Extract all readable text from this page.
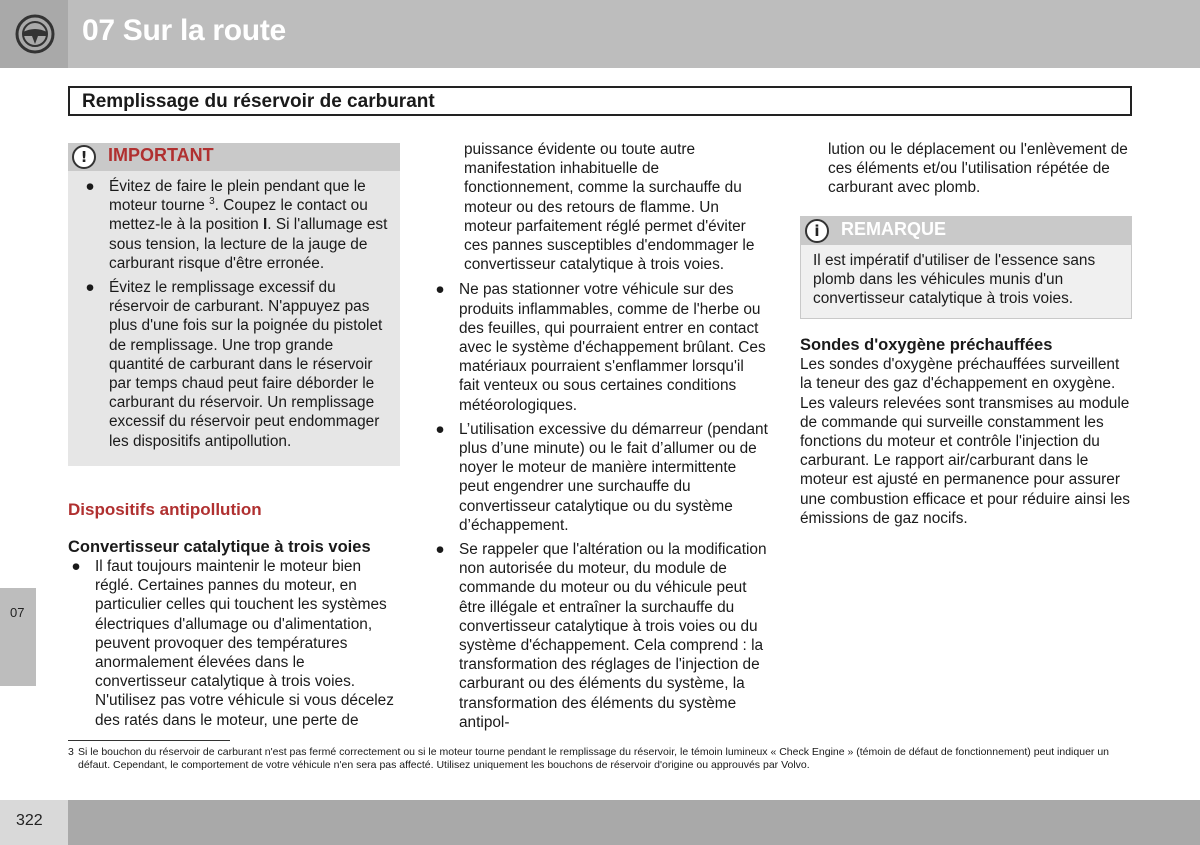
07 Sur la route
Remplissage du réservoir de carburant
!	IMPORTANT
● Évitez de faire le plein pendant que le moteur tourne $^3$. Coupez le contact ou mettez-le à la position I. Si l'allumage est sous tension, la lecture de la jauge de carburant risque d'être erronée.
● Évitez le remplissage excessif du réservoir de carburant. N'appuyez pas plus d'une fois sur la poignée du pistolet de remplissage. Une trop grande quantité de carburant dans le réservoir par temps chaud peut faire déborder le carburant du réservoir. Un remplissage excessif du réservoir peut endommager les dispositifs antipollution.
Dispositifs antipollution
Convertisseur catalytique à trois voies
● Il faut toujours maintenir le moteur bien réglé. Certaines pannes du moteur, en particulier celles qui touchent les systèmes électriques d'allumage ou d'alimentation, peuvent provoquer des températures anormalement élevées dans le convertisseur catalytique à trois voies. N'utilisez pas votre véhicule si vous décelez des ratés dans le moteur, une perte de
puissance évidente ou toute autre manifestation inhabituelle de fonctionnement, comme la surchauffe du moteur ou des retours de flamme. Un moteur parfaitement réglé permet d'éviter ces pannes susceptibles d'endommager le convertisseur catalytique à trois voies.
● Ne pas stationner votre véhicule sur des produits inflammables, comme de l'herbe ou des feuilles, qui pourraient entrer en contact avec le système d'échappement brûlant. Ces matériaux pourraient s'enflammer lorsqu'il fait venteux ou sous certaines conditions météorologiques.
● L’utilisation excessive du démarreur (pendant plus d’une minute) ou le fait d’allumer ou de noyer le moteur de manière intermittente peut engendrer une surchauffe du convertisseur catalytique ou du système d’échappement.
● Se rappeler que l'altération ou la modification non autorisée du moteur, du module de commande du moteur ou du véhicule peut être illégale et entraîner la surchauffe du convertisseur catalytique à trois voies ou du système d'échappement. Cela comprend : la transformation des réglages de l'injection de carburant ou des éléments du système, la transformation des éléments du système antipol-
lution ou le déplacement ou l'enlèvement de ces éléments et/ou l'utilisation répétée de carburant avec plomb.
i	REMARQUE
Il est impératif d'utiliser de l'essence sans plomb dans les véhicules munis d'un convertisseur catalytique à trois voies.
Sondes d'oxygène préchauffées
Les sondes d'oxygène préchauffées surveillent la teneur des gaz d'échappement en oxygène. Les valeurs relevées sont transmises au module de commande qui surveille constamment les fonctions du moteur et contrôle l'injection du carburant. Le rapport air/carburant dans le moteur est ajusté en permanence pour assurer une combustion efficace et pour réduire ainsi les émissions de gaz nocifs.
07
3 Si le bouchon du réservoir de carburant n'est pas fermé correctement ou si le moteur tourne pendant le remplissage du réservoir, le témoin lumineux « Check Engine » (témoin de défaut de fonctionnement) peut indiquer un défaut. Cependant, le comportement de votre véhicule n'en sera pas affecté. Utilisez uniquement les bouchons de réservoir d'origine ou approuvés par Volvo.
322
